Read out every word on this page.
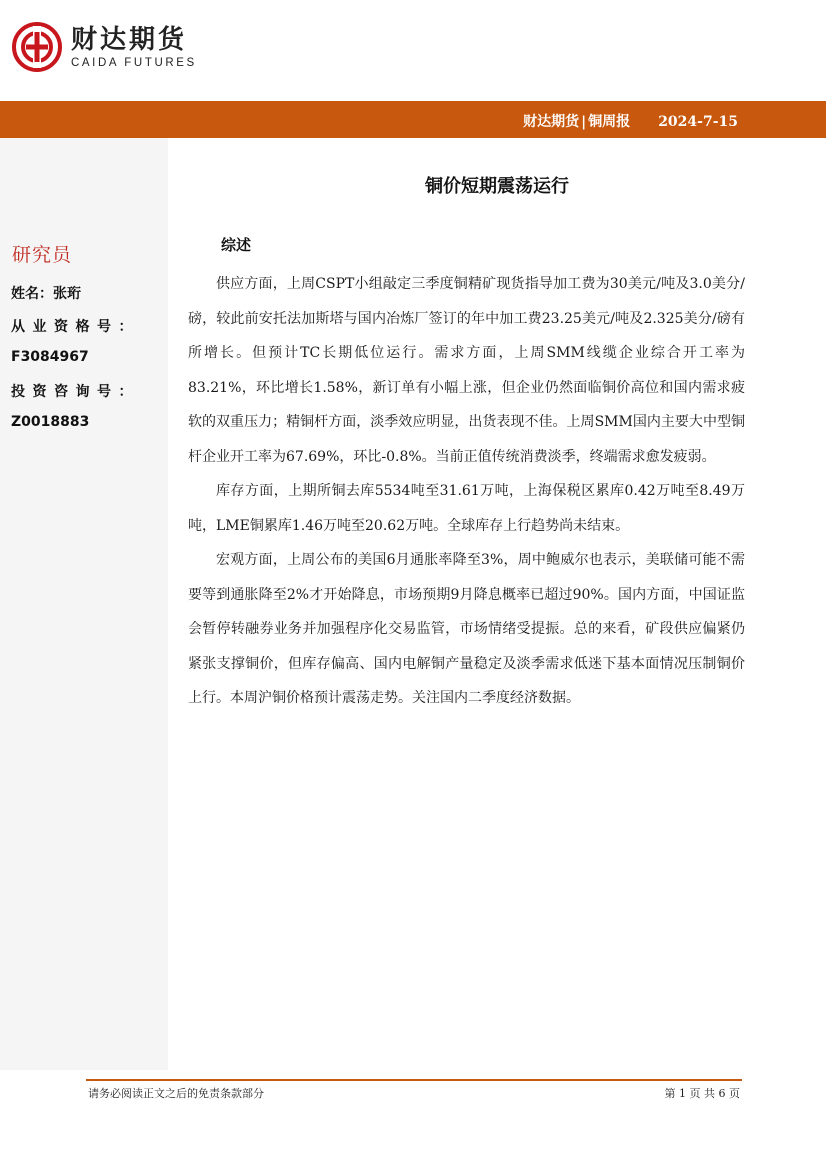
财达期货
CAIDA FUTURES
财达期货 | 铜周报 2024-7-15
研究员
姓名：张珩
从业资格号：
F3084967
投资咨询号：
Z0018883
铜价短期震荡运行
综述

供应方面，上周CSPT小组敲定三季度铜精矿现货指导加工费为30美元/吨及3.0美分/磅，较此前安托法加斯塔与国内冶炼厂签订的年中加工费23.25美元/吨及2.325美分/磅有所增长。但预计TC长期低位运行。需求方面，上周SMM线缆企业综合开工率为83.21%，环比增长1.58%，新订单有小幅上涨，但企业仍然面临铜价高位和国内需求疲软的双重压力；精铜杆方面，淡季效应明显，出货表现不佳。上周SMM国内主要大中型铜杆企业开工率为67.69%，环比-0.8%。当前正值传统消费淡季，终端需求愈发疲弱。

库存方面，上期所铜去库5534吨至31.61万吨，上海保税区累库0.42万吨至8.49万吨，LME铜累库1.46万吨至20.62万吨。全球库存上行趋势尚未结束。

宏观方面，上周公布的美国6月通胀率降至3%，周中鲍威尔也表示，美联储可能不需要等到通胀降至2%才开始降息，市场预期9月降息概率已超过90%。国内方面，中国证监会暂停转融券业务并加强程序化交易监管，市场情绪受提振。总的来看，矿段供应偏紧仍紧张支撑铜价，但库存偏高、国内电解铜产量稳定及淡季需求低迷下基本面情况压制铜价上行。本周沪铜价格预计震荡走势。关注国内二季度经济数据。

请务必阅读正文之后的免责条款部分	第 1 页 共 6 页
